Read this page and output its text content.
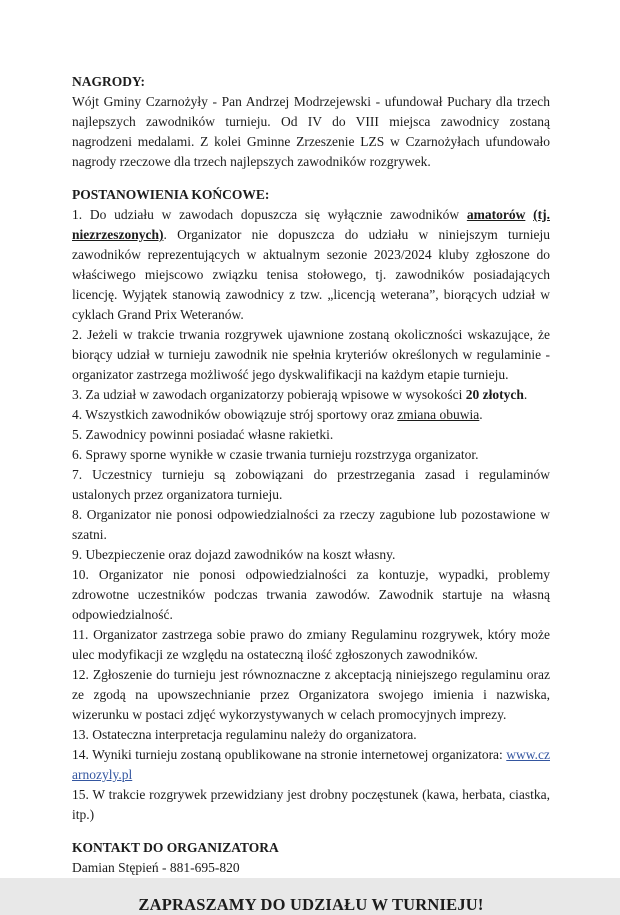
NAGRODY:

Wójt Gminy Czarnożyły - Pan Andrzej Modrzejewski - ufundował Puchary dla trzech najlepszych zawodników turnieju. Od IV do VIII miejsca zawodnicy zostaną nagrodzeni medalami. Z kolei Gminne Zrzeszenie LZS w Czarnożyłach ufundowało nagrody rzeczowe dla trzech najlepszych zawodników rozgrywek.

POSTANOWIENIA KOŃCOWE:

1. Do udziału w zawodach dopuszcza się wyłącznie zawodników amatorów (tj. niezrzeszonych). Organizator nie dopuszcza do udziału w niniejszym turnieju zawodników reprezentujących w aktualnym sezonie 2023/2024 kluby zgłoszone do właściwego miejscowo związku tenisa stołowego, tj. zawodników posiadających licencję. Wyjątek stanowią zawodnicy z tzw. „licencją weterana”, biorących udział w cyklach Grand Prix Weteranów.

2. Jeżeli w trakcie trwania rozgrywek ujawnione zostaną okoliczności wskazujące, że biorący udział w turnieju zawodnik nie spełnia kryteriów określonych w regulaminie - organizator zastrzega możliwość jego dyskwalifikacji na każdym etapie turnieju.

3. Za udział w zawodach organizatorzy pobierają wpisowe w wysokości 20 złotych.

4. Wszystkich zawodników obowiązuje strój sportowy oraz zmiana obuwia.

5. Zawodnicy powinni posiadać własne rakietki.

6. Sprawy sporne wynikłe w czasie trwania turnieju rozstrzyga organizator.

7. Uczestnicy turnieju są zobowiązani do przestrzegania zasad i regulaminów ustalonych przez organizatora turnieju.

8. Organizator nie ponosi odpowiedzialności za rzeczy zagubione lub pozostawione w szatni.

9. Ubezpieczenie oraz dojazd zawodników na koszt własny.

10. Organizator nie ponosi odpowiedzialności za kontuzje, wypadki, problemy zdrowotne uczestników podczas trwania zawodów. Zawodnik startuje na własną odpowiedzialność.

11. Organizator zastrzega sobie prawo do zmiany Regulaminu rozgrywek, który może ulec modyfikacji ze względu na ostateczną ilość zgłoszonych zawodników.

12. Zgłoszenie do turnieju jest równoznaczne z akceptacją niniejszego regulaminu oraz ze zgodą na upowszechnianie przez Organizatora swojego imienia i nazwiska, wizerunku w postaci zdjęć wykorzystywanych w celach promocyjnych imprezy.

13. Ostateczna interpretacja regulaminu należy do organizatora.

14. Wyniki turnieju zostaną opublikowane na stronie internetowej organizatora: www.czarnozyly.pl

15. W trakcie rozgrywek przewidziany jest drobny poczęstunek (kawa, herbata, ciastka, itp.)

KONTAKT DO ORGANIZATORA

Damian Stępień - 881-695-820

ZAPRASZAMY DO UDZIAŁU W TURNIEJU!
